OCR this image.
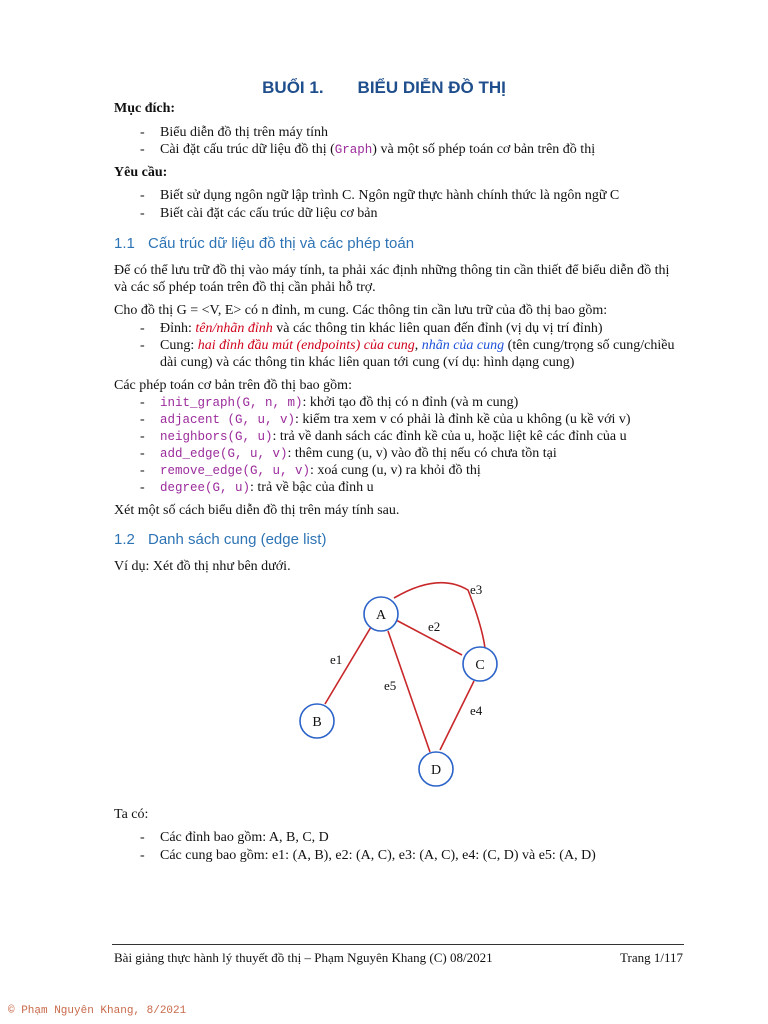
BUỔI 1. BIỂU DIỄN ĐỒ THỊ
Mục đích:
- Biểu diễn đồ thị trên máy tính
- Cài đặt cấu trúc dữ liệu đồ thị (Graph) và một số phép toán cơ bản trên đồ thị
Yêu cầu:
- Biết sử dụng ngôn ngữ lập trình C. Ngôn ngữ thực hành chính thức là ngôn ngữ C
- Biết cài đặt các cấu trúc dữ liệu cơ bản
1.1 Cấu trúc dữ liệu đồ thị và các phép toán
Để có thể lưu trữ đồ thị vào máy tính, ta phải xác định những thông tin cần thiết để biểu diễn đồ thị
và các số phép toán trên đồ thị cần phải hỗ trợ.
Cho đồ thị G = <V, E> có n đỉnh, m cung. Các thông tin cần lưu trữ của đồ thị bao gồm:
- Đỉnh: tên/nhãn đỉnh và các thông tin khác liên quan đến đỉnh (vị dụ vị trí đỉnh)
- Cung: hai đỉnh đầu mút (endpoints) của cung, nhãn của cung (tên cung/trọng số cung/chiều
dài cung) và các thông tin khác liên quan tới cung (ví dụ: hình dạng cung)
Các phép toán cơ bản trên đồ thị bao gồm:
- init_graph(G, n, m): khởi tạo đồ thị có n đỉnh (và m cung)
- adjacent (G, u, v): kiểm tra xem v có phải là đỉnh kề của u không (u kề với v)
- neighbors(G, u): trả về danh sách các đỉnh kề của u, hoặc liệt kê các đỉnh của u
- add_edge(G, u, v): thêm cung (u, v) vào đồ thị nếu có chưa tồn tại
- remove_edge(G, u, v): xoá cung (u, v) ra khỏi đồ thị
- degree(G, u): trả về bậc của đỉnh u
Xét một số cách biểu diễn đồ thị trên máy tính sau.
1.2 Danh sách cung (edge list)
Ví dụ: Xét đồ thị như bên dưới.
A
B
C
D
e1
e2
e3
e4
e5
Ta có:
- Các đỉnh bao gồm: A, B, C, D
- Các cung bao gồm: e1: (A, B), e2: (A, C), e3: (A, C), e4: (C, D) và e5: (A, D)
Bài giảng thực hành lý thuyết đồ thị – Phạm Nguyên Khang (C) 08/2021	Trang 1/117
© Phạm Nguyên Khang, 8/2021
